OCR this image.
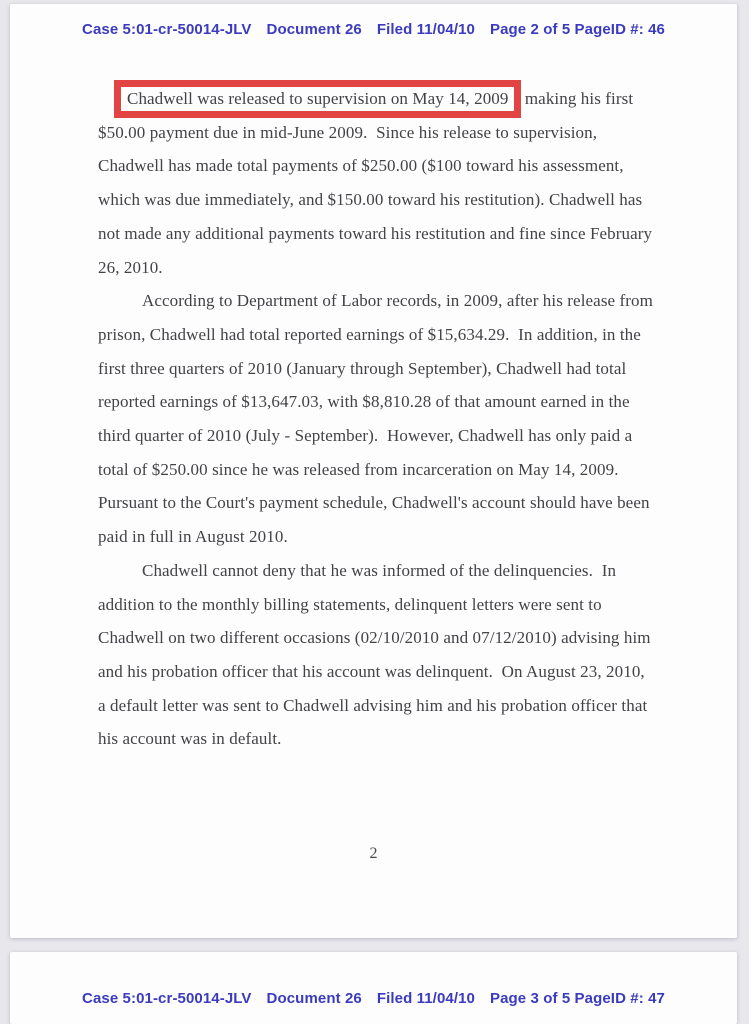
Case 5:01-cr-50014-JLV Document 26 Filed 11/04/10 Page 2 of 5 PageID #: 46

Chadwell was released to supervision on May 14, 2009 making his first $50.00 payment due in mid-June 2009.  Since his release to supervision, Chadwell has made total payments of $250.00 ($100 toward his assessment, which was due immediately, and $150.00 toward his restitution). Chadwell has not made any additional payments toward his restitution and fine since February 26, 2010.

According to Department of Labor records, in 2009, after his release from prison, Chadwell had total reported earnings of $15,634.29.  In addition, in the first three quarters of 2010 (January through September), Chadwell had total reported earnings of $13,647.03, with $8,810.28 of that amount earned in the third quarter of 2010 (July - September).  However, Chadwell has only paid a total of $250.00 since he was released from incarceration on May 14, 2009.  Pursuant to the Court's payment schedule, Chadwell's account should have been paid in full in August 2010.

Chadwell cannot deny that he was informed of the delinquencies.  In addition to the monthly billing statements, delinquent letters were sent to Chadwell on two different occasions (02/10/2010 and 07/12/2010) advising him and his probation officer that his account was delinquent.  On August 23, 2010, a default letter was sent to Chadwell advising him and his probation officer that his account was in default.

2
Case 5:01-cr-50014-JLV Document 26 Filed 11/04/10 Page 3 of 5 PageID #: 47
